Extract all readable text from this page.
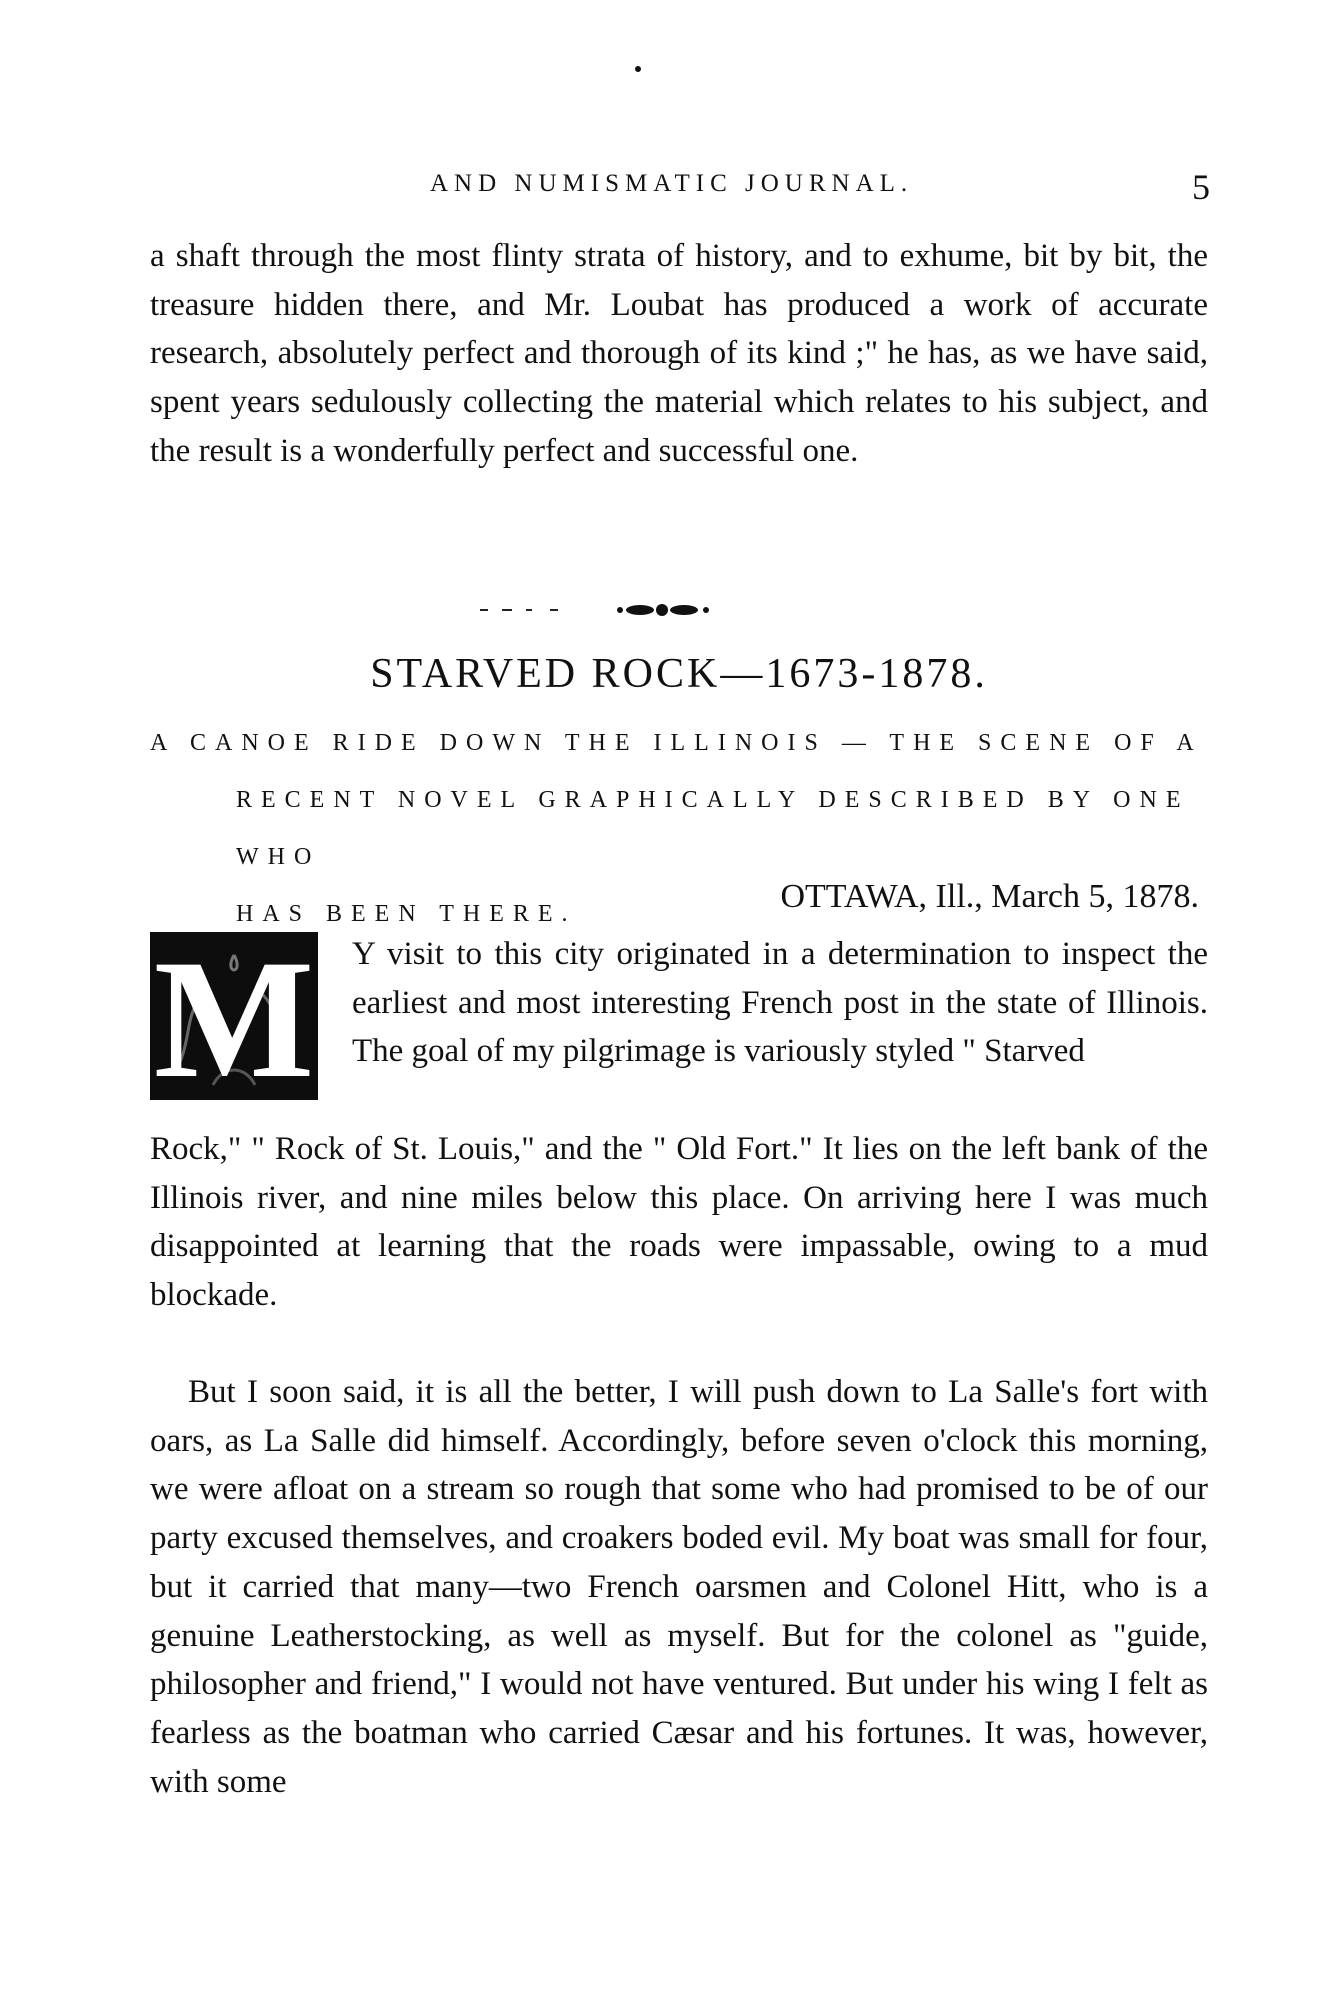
AND NUMISMATIC JOURNAL.	5
a shaft through the most flinty strata of history, and to exhume, bit by bit, the treasure hidden there, and Mr. Loubat has produced a work of accurate research, absolutely perfect and thorough of its kind ;" he has, as we have said, spent years sedulously collecting the material which relates to his subject, and the result is a wonderfully perfect and successful one.
STARVED ROCK—1673-1878.
A CANOE RIDE DOWN THE ILLINOIS — THE SCENE OF A
RECENT NOVEL GRAPHICALLY DESCRIBED BY ONE WHO
HAS BEEN THERE.	OTTAWA, Ill., March 5, 1878.
M Y visit to this city originated in a determination to inspect the earliest and most interesting French post in the state of Illinois. The goal of my pilgrimage is variously styled " Starved
Rock," " Rock of St. Louis," and the " Old Fort." It lies on the left bank of the Illinois river, and nine miles below this place. On arriving here I was much disappointed at learning that the roads were impassable, owing to a mud blockade.
But I soon said, it is all the better, I will push down to La Salle's fort with oars, as La Salle did himself. Accordingly, before seven o'clock this morning, we were afloat on a stream so rough that some who had promised to be of our party excused themselves, and croakers boded evil. My boat was small for four, but it carried that many—two French oarsmen and Colonel Hitt, who is a genuine Leatherstocking, as well as myself. But for the colonel as "guide, philosopher and friend," I would not have ventured. But under his wing I felt as fearless as the boatman who carried Cæsar and his fortunes. It was, however, with some
